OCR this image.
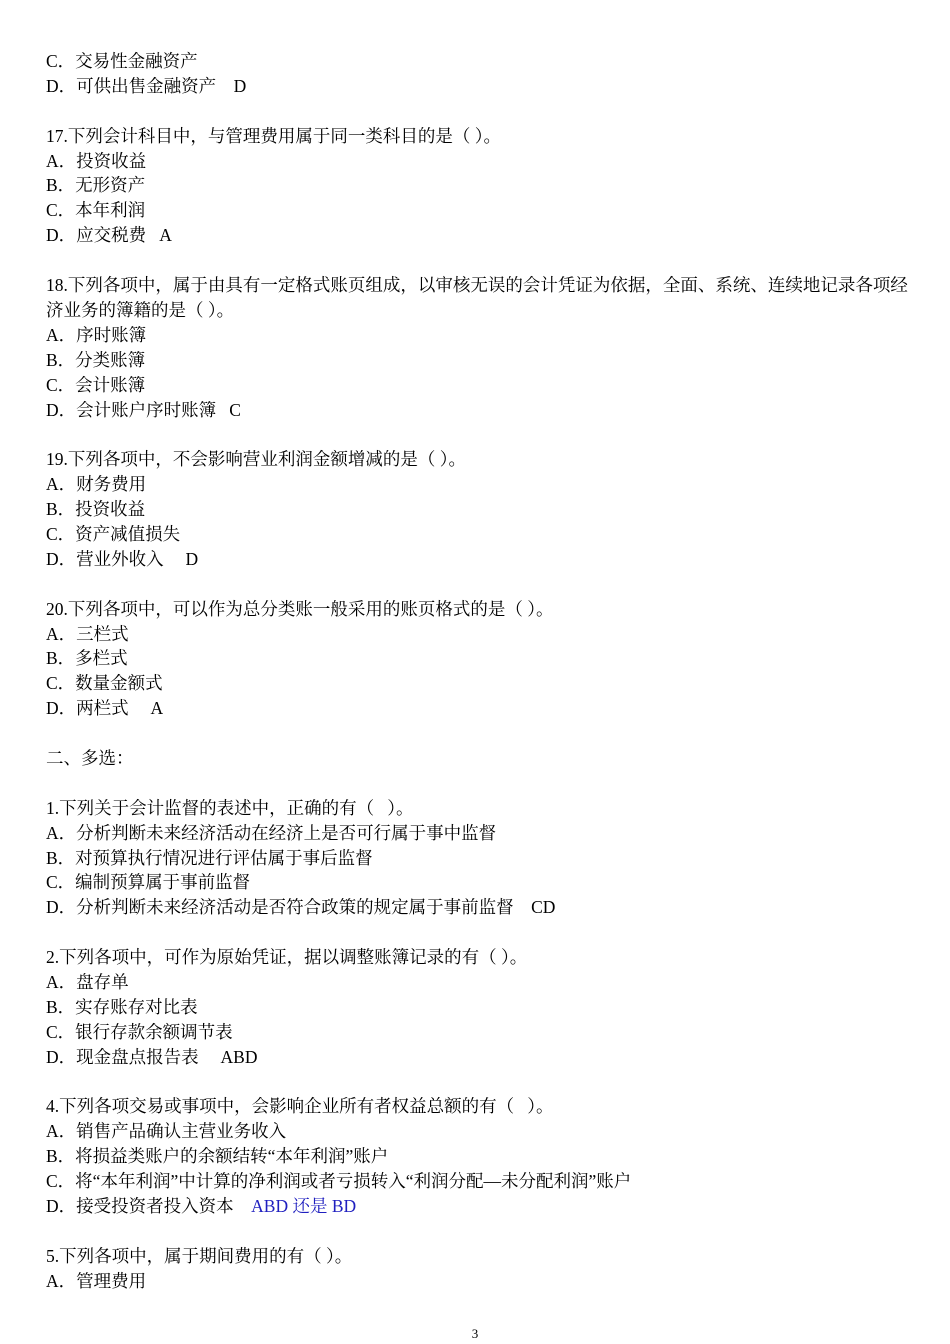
C．交易性金融资产
D．可供出售金融资产    D
17.下列会计科目中，与管理费用属于同一类科目的是（ ）。
A．投资收益
B．无形资产
C．本年利润
D．应交税费   A
18.下列各项中，属于由具有一定格式账页组成，以审核无误的会计凭证为依据，全面、系统、连续地记录各项经济业务的簿籍的是（ ）。
A．序时账簿
B．分类账簿
C．会计账簿
D．会计账户序时账簿   C
19.下列各项中，不会影响营业利润金额增减的是（ ）。
A．财务费用
B．投资收益
C．资产减值损失
D．营业外收入     D
20.下列各项中，可以作为总分类账一般采用的账页格式的是（ ）。
A．三栏式
B．多栏式
C．数量金额式
D．两栏式     A
二、多选：
1.下列关于会计监督的表述中，正确的有（   ）。
A．分析判断未来经济活动在经济上是否可行属于事中监督
B．对预算执行情况进行评估属于事后监督
C．编制预算属于事前监督
D．分析判断未来经济活动是否符合政策的规定属于事前监督    CD
2.下列各项中，可作为原始凭证，据以调整账簿记录的有（ ）。
A．盘存单
B．实存账存对比表
C．银行存款余额调节表
D．现金盘点报告表     ABD
4.下列各项交易或事项中，会影响企业所有者权益总额的有（   ）。
A．销售产品确认主营业务收入
B．将损益类账户的余额结转“本年利润”账户
C．将“本年利润”中计算的净利润或者亏损转入“利润分配—未分配利润”账户
D．接受投资者投入资本    ABD 还是 BD
5.下列各项中，属于期间费用的有（ ）。
A．管理费用
3
